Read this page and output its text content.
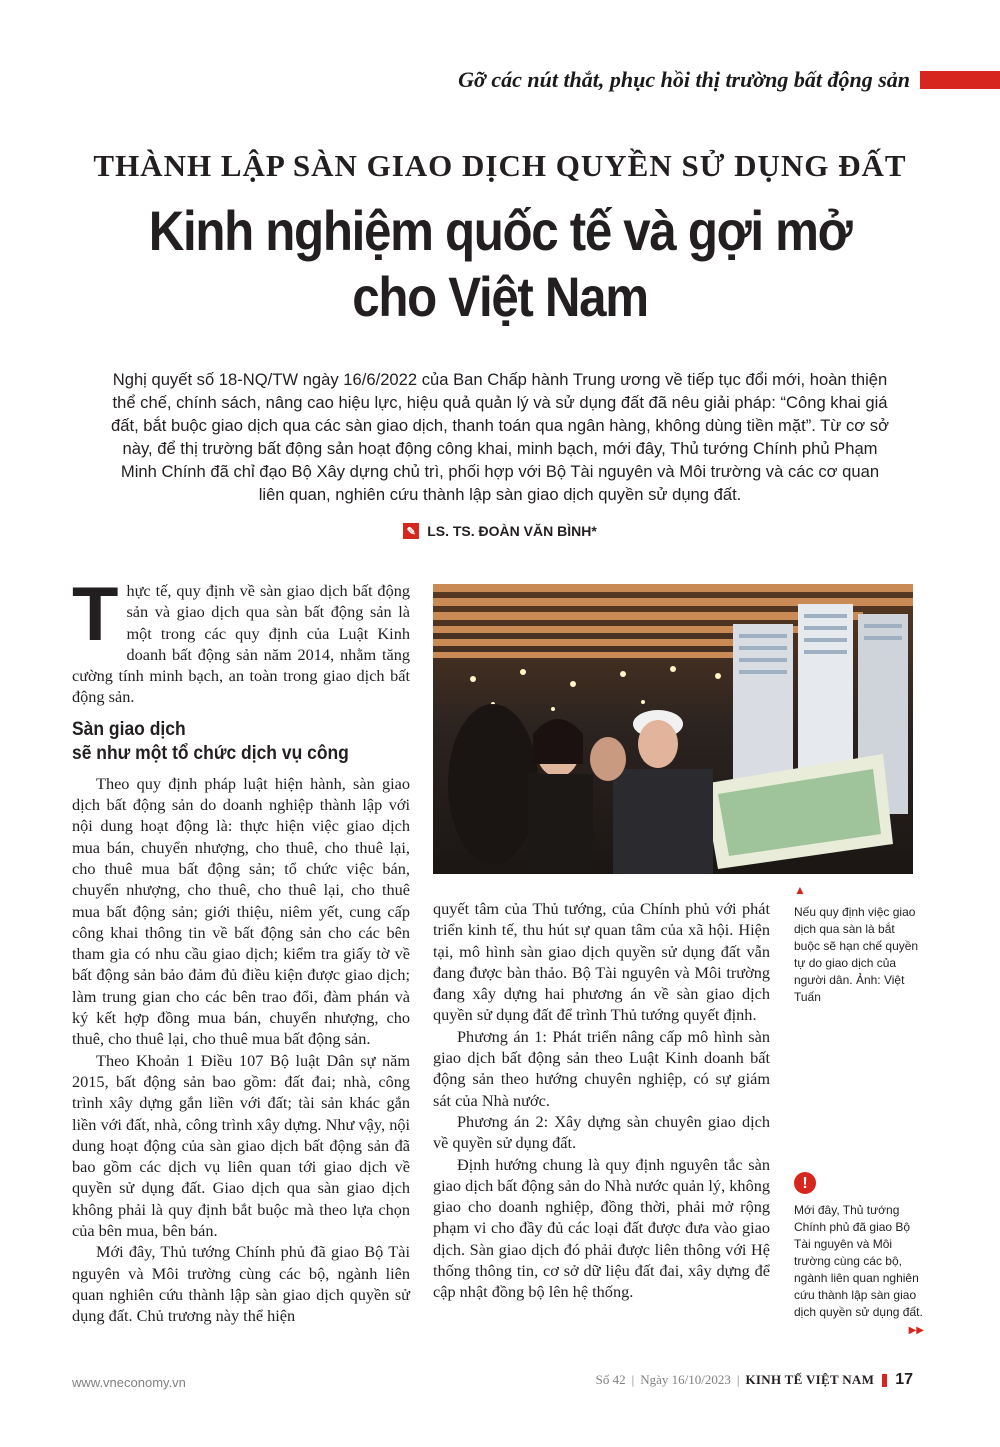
Gỡ các nút thắt, phục hồi thị trường bất động sản
THÀNH LẬP SÀN GIAO DỊCH QUYỀN SỬ DỤNG ĐẤT
Kinh nghiệm quốc tế và gợi mở
cho Việt Nam
Nghị quyết số 18-NQ/TW ngày 16/6/2022 của Ban Chấp hành Trung ương về tiếp tục đổi mới, hoàn thiện thể chế, chính sách, nâng cao hiệu lực, hiệu quả quản lý và sử dụng đất đã nêu giải pháp: “Công khai giá đất, bắt buộc giao dịch qua các sàn giao dịch, thanh toán qua ngân hàng, không dùng tiền mặt”. Từ cơ sở này, để thị trường bất động sản hoạt động công khai, minh bạch, mới đây, Thủ tướng Chính phủ Phạm Minh Chính đã chỉ đạo Bộ Xây dựng chủ trì, phối hợp với Bộ Tài nguyên và Môi trường và các cơ quan liên quan, nghiên cứu thành lập sàn giao dịch quyền sử dụng đất.
✎ LS. TS. ĐOÀN VĂN BÌNH*

Thực tế, quy định về sàn giao dịch bất động sản và giao dịch qua sàn bất động sản là một trong các quy định của Luật Kinh doanh bất động sản năm 2014, nhằm tăng cường tính minh bạch, an toàn trong giao dịch bất động sản.

Sàn giao dịch
sẽ như một tổ chức dịch vụ công

Theo quy định pháp luật hiện hành, sàn giao dịch bất động sản do doanh nghiệp thành lập với nội dung hoạt động là: thực hiện việc giao dịch mua bán, chuyển nhượng, cho thuê, cho thuê lại, cho thuê mua bất động sản; tổ chức việc bán, chuyển nhượng, cho thuê, cho thuê lại, cho thuê mua bất động sản; giới thiệu, niêm yết, cung cấp công khai thông tin về bất động sản cho các bên tham gia có nhu cầu giao dịch; kiểm tra giấy tờ về bất động sản bảo đảm đủ điều kiện được giao dịch; làm trung gian cho các bên trao đổi, đàm phán và ký kết hợp đồng mua bán, chuyển nhượng, cho thuê, cho thuê lại, cho thuê mua bất động sản.

Theo Khoản 1 Điều 107 Bộ luật Dân sự năm 2015, bất động sản bao gồm: đất đai; nhà, công trình xây dựng gắn liền với đất; tài sản khác gắn liền với đất, nhà, công trình xây dựng. Như vậy, nội dung hoạt động của sàn giao dịch bất động sản đã bao gồm các dịch vụ liên quan tới giao dịch về quyền sử dụng đất. Giao dịch qua sàn giao dịch không phải là quy định bắt buộc mà theo lựa chọn của bên mua, bên bán.

Mới đây, Thủ tướng Chính phủ đã giao Bộ Tài nguyên và Môi trường cùng các bộ, ngành liên quan nghiên cứu thành lập sàn giao dịch quyền sử dụng đất. Chủ trương này thể hiện

quyết tâm của Thủ tướng, của Chính phủ với phát triển kinh tế, thu hút sự quan tâm của xã hội. Hiện tại, mô hình sàn giao dịch quyền sử dụng đất vẫn đang được bàn thảo. Bộ Tài nguyên và Môi trường đang xây dựng hai phương án về sàn giao dịch quyền sử dụng đất để trình Thủ tướng quyết định.

Phương án 1: Phát triển nâng cấp mô hình sàn giao dịch bất động sản theo Luật Kinh doanh bất động sản theo hướng chuyên nghiệp, có sự giám sát của Nhà nước.

Phương án 2: Xây dựng sàn chuyên giao dịch về quyền sử dụng đất.

Định hướng chung là quy định nguyên tắc sàn giao dịch bất động sản do Nhà nước quản lý, không giao cho doanh nghiệp, đồng thời, phải mở rộng phạm vi cho đầy đủ các loại đất được đưa vào giao dịch. Sàn giao dịch đó phải được liên thông với Hệ thống thông tin, cơ sở dữ liệu đất đai, xây dựng để cập nhật đồng bộ lên hệ thống.

▲
Nếu quy định việc giao dịch qua sàn là bắt buộc sẽ hạn chế quyền tự do giao dịch của người dân. Ảnh: Việt Tuấn
!
Mới đây, Thủ tướng Chính phủ đã giao Bộ Tài nguyên và Môi trường cùng các bộ, ngành liên quan nghiên cứu thành lập sàn giao dịch quyền sử dụng đất.
▶▶
www.vneconomy.vn	Số 42 | Ngày 16/10/2023 | KINH TẾ VIỆT NAM 17
